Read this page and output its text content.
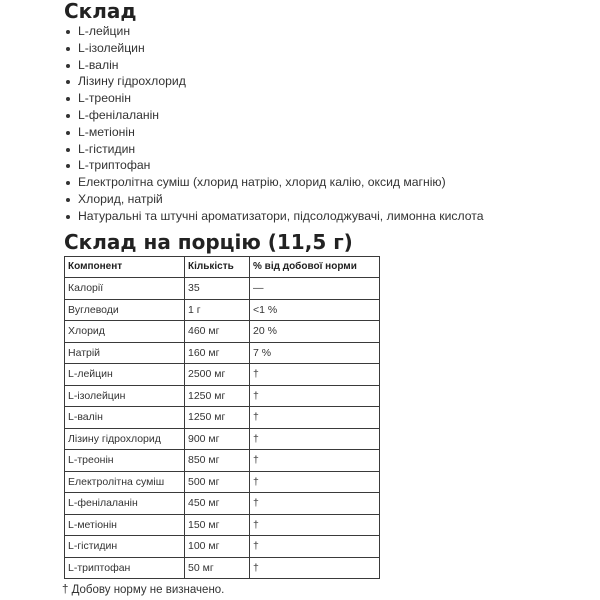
Склад
L-лейцин
L-ізолейцин
L-валін
Лізину гідрохлорид
L-треонін
L-фенілаланін
L-метіонін
L-гістидин
L-триптофан
Електролітна суміш (хлорид натрію, хлорид калію, оксид магнію)
Хлорид, натрій
Натуральні та штучні ароматизатори, підсолоджувачі, лимонна кислота
Склад на порцію (11,5 г)
Компонент	Кількість	% від добової норми
Калорії	35	—
Вуглеводи	1 г	<1 %
Хлорид	460 мг	20 %
Натрій	160 мг	7 %
L-лейцин	2500 мг	†
L-ізолейцин	1250 мг	†
L-валін	1250 мг	†
Лізину гідрохлорид	900 мг	†
L-треонін	850 мг	†
Електролітна суміш	500 мг	†
L-фенілаланін	450 мг	†
L-метіонін	150 мг	†
L-гістидин	100 мг	†
L-триптофан	50 мг	†
† Добову норму не визначено.
